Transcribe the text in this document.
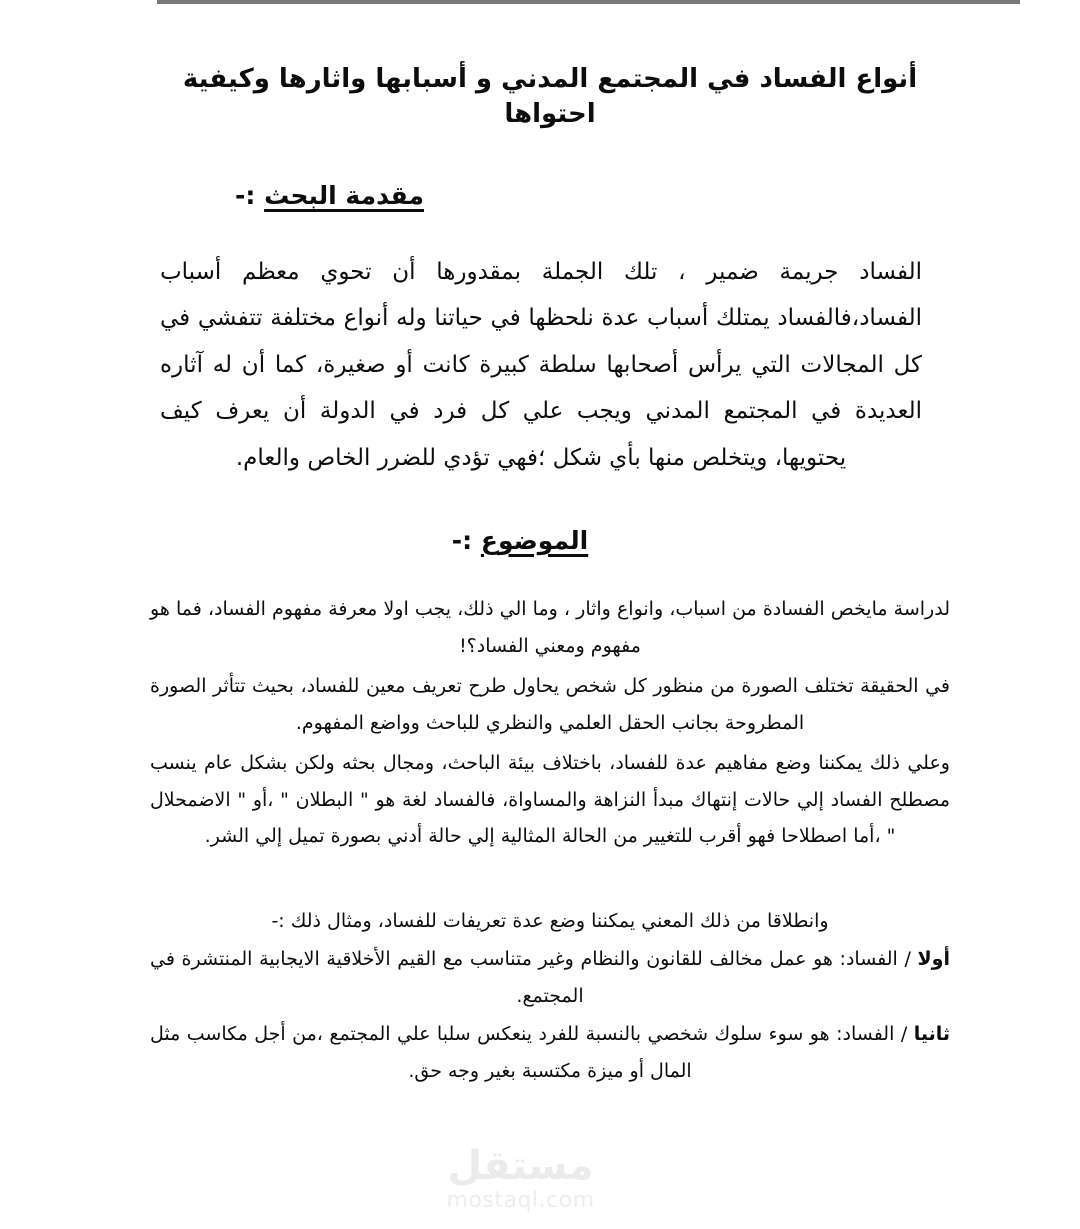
أنواع الفساد في المجتمع المدني و أسبابها واثارها وكيفية احتواها
مقدمة البحث :-

الفساد جريمة ضمير ، تلك الجملة بمقدورها أن تحوي معظم أسباب الفساد،فالفساد يمتلك أسباب عدة نلحظها في حياتنا وله أنواع مختلفة تتفشي في كل المجالات التي يرأس أصحابها سلطة كبيرة كانت أو صغيرة، كما أن له آثاره العديدة في المجتمع المدني ويجب علي كل فرد في الدولة أن يعرف كيف يحتويها، ويتخلص منها بأي شكل ؛فهي تؤدي للضرر الخاص والعام.

الموضوع :-

لدراسة مايخص الفسادة من اسباب، وانواع واثار ، وما الي ذلك، يجب اولا معرفة مفهوم الفساد، فما هو مفهوم ومعني الفساد؟!

في الحقيقة تختلف الصورة من منظور كل شخص يحاول طرح تعريف معين للفساد، بحيث تتأثر الصورة المطروحة بجانب الحقل العلمي والنظري للباحث وواضع المفهوم.

وعلي ذلك يمكننا وضع مفاهيم عدة للفساد، باختلاف بيئة الباحث، ومجال بحثه ولكن بشكل عام ينسب مصطلح الفساد إلي حالات إنتهاك مبدأ النزاهة والمساواة، فالفساد لغة هو " البطلان " ،أو " الاضمحلال " ،أما اصطلاحا فهو أقرب للتغيير من الحالة المثالية إلي حالة أدني بصورة تميل إلي الشر.

وانطلاقا من ذلك المعني يمكننا وضع عدة تعريفات للفساد، ومثال ذلك :-

أولا / الفساد: هو عمل مخالف للقانون والنظام وغير متناسب مع القيم الأخلاقية الايجابية المنتشرة في المجتمع.

ثانيا / الفساد: هو سوء سلوك شخصي بالنسبة للفرد ينعكس سلبا علي المجتمع ،من أجل مكاسب مثل المال أو ميزة مكتسبة بغير وجه حق.

مستقل
mostaql.com
